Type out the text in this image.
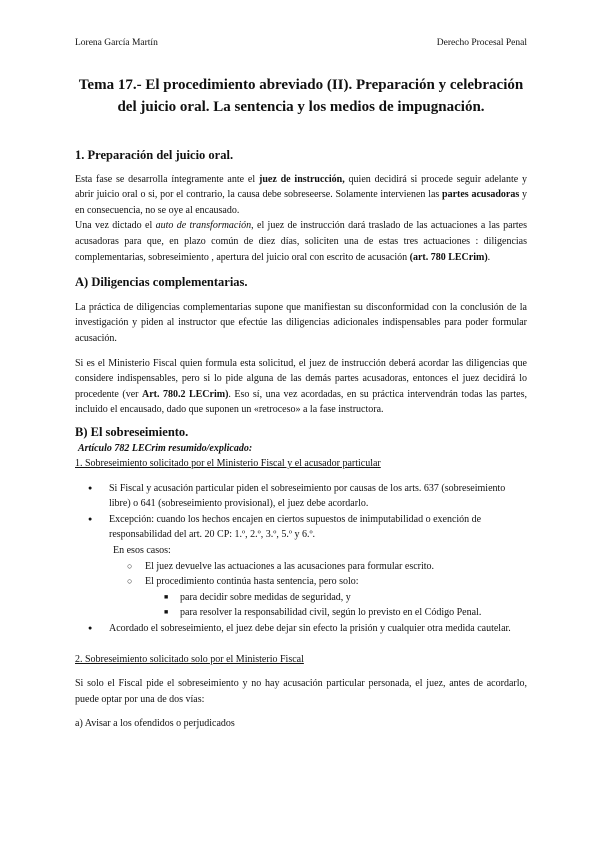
Lorena García Martín	Derecho Procesal Penal
Tema 17.- El procedimiento abreviado (II). Preparación y celebración del juicio oral. La sentencia y los medios de impugnación.
1. Preparación del juicio oral.

Esta fase se desarrolla íntegramente ante el juez de instrucción, quien decidirá si procede seguir adelante y abrir juicio oral o si, por el contrario, la causa debe sobreseerse. Solamente intervienen las partes acusadoras y en consecuencia, no se oye al encausado.

Una vez dictado el auto de transformación, el juez de instrucción dará traslado de las actuaciones a las partes acusadoras para que, en plazo común de diez días, soliciten una de estas tres actuaciones : diligencias complementarias, sobreseimiento , apertura del juicio oral con escrito de acusación (art. 780 LECrim).

A) Diligencias complementarias.

La práctica de diligencias complementarias supone que manifiestan su disconformidad con la conclusión de la investigación y piden al instructor que efectúe las diligencias adicionales indispensables para poder formular acusación.

Si es el Ministerio Fiscal quien formula esta solicitud, el juez de instrucción deberá acordar las diligencias que considere indispensables, pero si lo pide alguna de las demás partes acusadoras, entonces el juez decidirá lo procedente (ver Art. 780.2 LECrim). Eso sí, una vez acordadas, en su práctica intervendrán todas las partes, incluido el encausado, dado que suponen un «retroceso» a la fase instructora.

B) El sobreseimiento.
Artículo 782 LECrim resumido/explicado:
1. Sobreseimiento solicitado por el Ministerio Fiscal y el acusador particular
● Si Fiscal y acusación particular piden el sobreseimiento por causas de los arts. 637 (sobreseimiento libre) o 641 (sobreseimiento provisional), el juez debe acordarlo.
● Excepción: cuando los hechos encajen en ciertos supuestos de inimputabilidad o exención de responsabilidad del art. 20 CP: 1.º, 2.º, 3.º, 5.º y 6.º.
En esos casos:
○ El juez devuelve las actuaciones a las acusaciones para formular escrito.
○ El procedimiento continúa hasta sentencia, pero solo:
■ para decidir sobre medidas de seguridad, y
■ para resolver la responsabilidad civil, según lo previsto en el Código Penal.
● Acordado el sobreseimiento, el juez debe dejar sin efecto la prisión y cualquier otra medida cautelar.
2. Sobreseimiento solicitado solo por el Ministerio Fiscal

Si solo el Fiscal pide el sobreseimiento y no hay acusación particular personada, el juez, antes de acordarlo, puede optar por una de dos vías:

a) Avisar a los ofendidos o perjudicados
